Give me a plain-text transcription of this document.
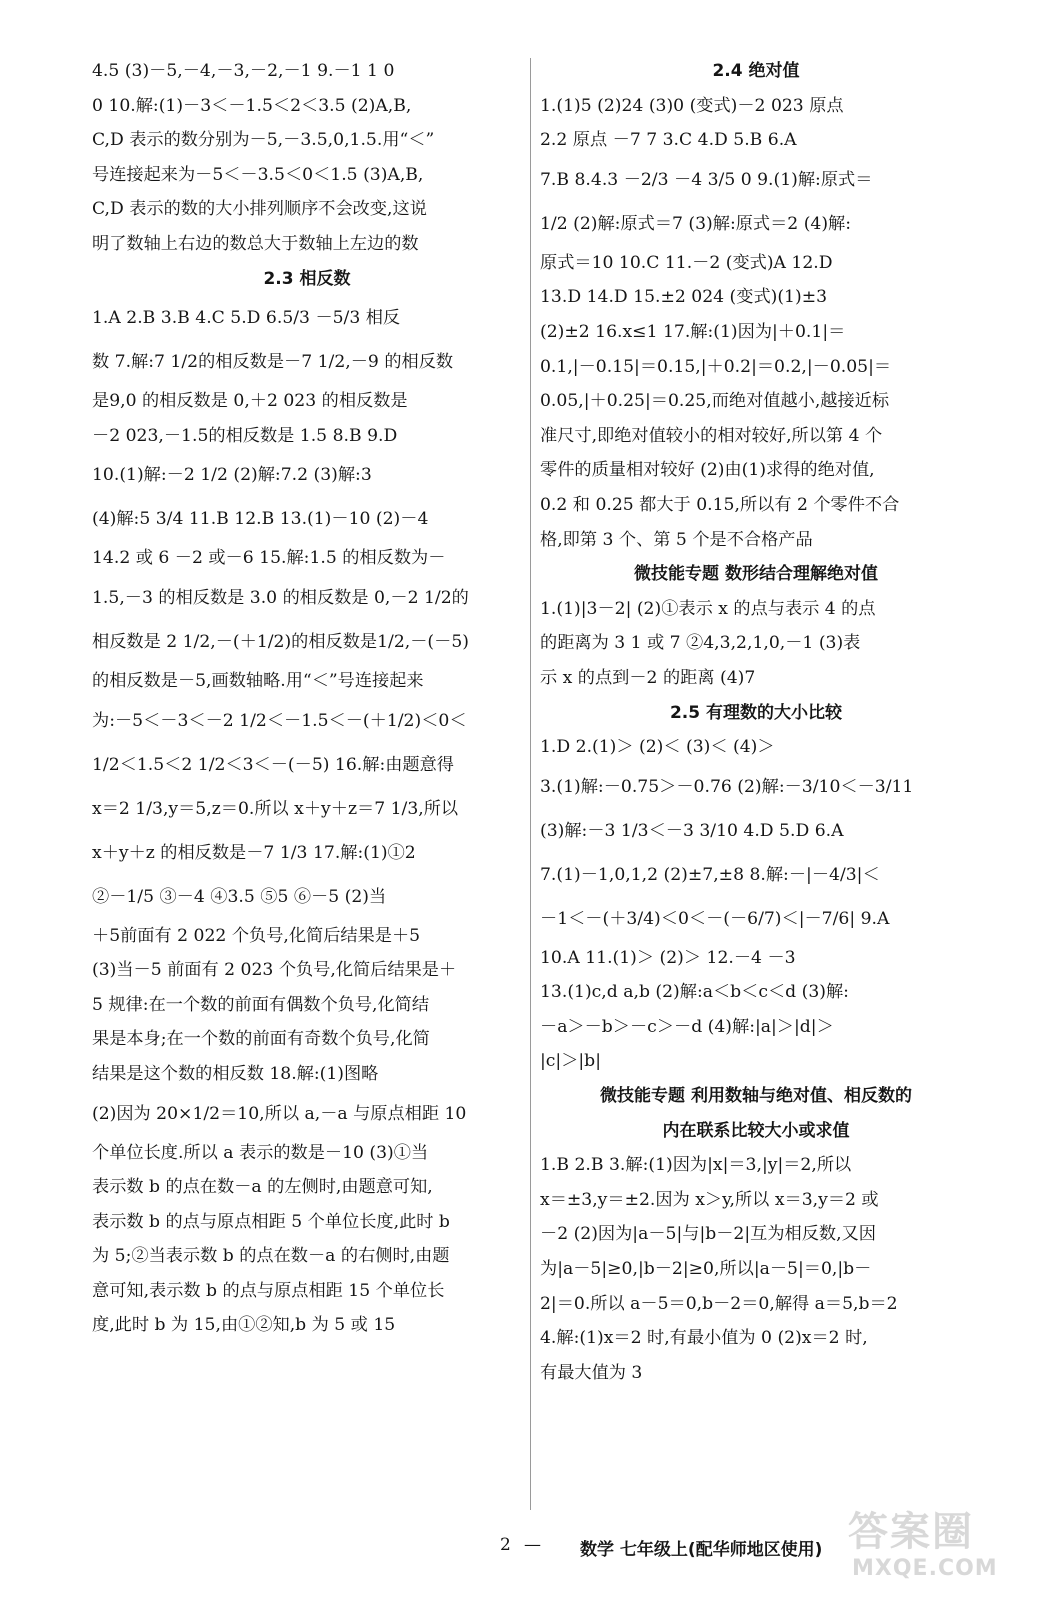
4.5 (3)－5,－4,－3,－2,－1 9.－1 1 0
0 10.解:(1)－3＜－1.5＜2＜3.5 (2)A,B,
C,D 表示的数分别为－5,－3.5,0,1.5.用“＜”
号连接起来为－5＜－3.5＜0＜1.5 (3)A,B,
C,D 表示的数的大小排列顺序不会改变,这说
明了数轴上右边的数总大于数轴上左边的数
2.3 相反数
1.A 2.B 3.B 4.C 5.D 6.5/3 －5/3 相反
数 7.解:7 1/2的相反数是－7 1/2,－9 的相反数
是9,0 的相反数是 0,＋2 023 的相反数是
－2 023,－1.5的相反数是 1.5 8.B 9.D
10.(1)解:－2 1/2 (2)解:7.2 (3)解:3
(4)解:5 3/4 11.B 12.B 13.(1)－10 (2)－4
14.2 或 6 －2 或－6 15.解:1.5 的相反数为－
1.5,－3 的相反数是 3.0 的相反数是 0,－2 1/2的
相反数是 2 1/2,－(＋1/2)的相反数是1/2,－(－5)
的相反数是－5,画数轴略.用“＜”号连接起来
为:－5＜－3＜－2 1/2＜－1.5＜－(＋1/2)＜0＜
1/2＜1.5＜2 1/2＜3＜－(－5) 16.解:由题意得
x＝2 1/3,y＝5,z＝0.所以 x＋y＋z＝7 1/3,所以
x＋y＋z 的相反数是－7 1/3 17.解:(1)①2
②－1/5 ③－4 ④3.5 ⑤5 ⑥－5 (2)当
＋5前面有 2 022 个负号,化简后结果是＋5
(3)当－5 前面有 2 023 个负号,化简后结果是＋
5 规律:在一个数的前面有偶数个负号,化简结
果是本身;在一个数的前面有奇数个负号,化简
结果是这个数的相反数 18.解:(1)图略
(2)因为 20×1/2＝10,所以 a,－a 与原点相距 10
个单位长度.所以 a 表示的数是－10 (3)①当
表示数 b 的点在数－a 的左侧时,由题意可知,
表示数 b 的点与原点相距 5 个单位长度,此时 b
为 5;②当表示数 b 的点在数－a 的右侧时,由题
意可知,表示数 b 的点与原点相距 15 个单位长
度,此时 b 为 15,由①②知,b 为 5 或 15
2.4 绝对值
1.(1)5 (2)24 (3)0 (变式)－2 023 原点
2.2 原点 －7 7 3.C 4.D 5.B 6.A
7.B 8.4.3 －2/3 －4 3/5 0 9.(1)解:原式＝
1/2 (2)解:原式＝7 (3)解:原式＝2 (4)解:
原式＝10 10.C 11.－2 (变式)A 12.D
13.D 14.D 15.±2 024 (变式)(1)±3
(2)±2 16.x≤1 17.解:(1)因为|＋0.1|＝
0.1,|－0.15|＝0.15,|＋0.2|＝0.2,|－0.05|＝
0.05,|＋0.25|＝0.25,而绝对值越小,越接近标
准尺寸,即绝对值较小的相对较好,所以第 4 个
零件的质量相对较好 (2)由(1)求得的绝对值,
0.2 和 0.25 都大于 0.15,所以有 2 个零件不合
格,即第 3 个、第 5 个是不合格产品
微技能专题 数形结合理解绝对值
1.(1)|3－2| (2)①表示 x 的点与表示 4 的点
的距离为 3 1 或 7 ②4,3,2,1,0,－1 (3)表
示 x 的点到－2 的距离 (4)7
2.5 有理数的大小比较
1.D 2.(1)＞ (2)＜ (3)＜ (4)＞
3.(1)解:－0.75＞－0.76 (2)解:－3/10＜－3/11
(3)解:－3 1/3＜－3 3/10 4.D 5.D 6.A
7.(1)－1,0,1,2 (2)±7,±8 8.解:－|－4/3|＜
－1＜－(＋3/4)＜0＜－(－6/7)＜|－7/6| 9.A
10.A 11.(1)＞ (2)＞ 12.－4 －3
13.(1)c,d a,b (2)解:a＜b＜c＜d (3)解:
－a＞－b＞－c＞－d (4)解:|a|＞|d|＞
|c|＞|b|
微技能专题 利用数轴与绝对值、相反数的
内在联系比较大小或求值
1.B 2.B 3.解:(1)因为|x|＝3,|y|＝2,所以
x＝±3,y＝±2.因为 x＞y,所以 x＝3,y＝2 或
－2 (2)因为|a－5|与|b－2|互为相反数,又因
为|a－5|≥0,|b－2|≥0,所以|a－5|＝0,|b－
2|＝0.所以 a－5＝0,b－2＝0,解得 a＝5,b＝2
4.解:(1)x＝2 时,有最小值为 0 (2)x＝2 时,
有最大值为 3
2 — 数学 七年级上(配华师地区使用) 答案圈
MXQE.COM
